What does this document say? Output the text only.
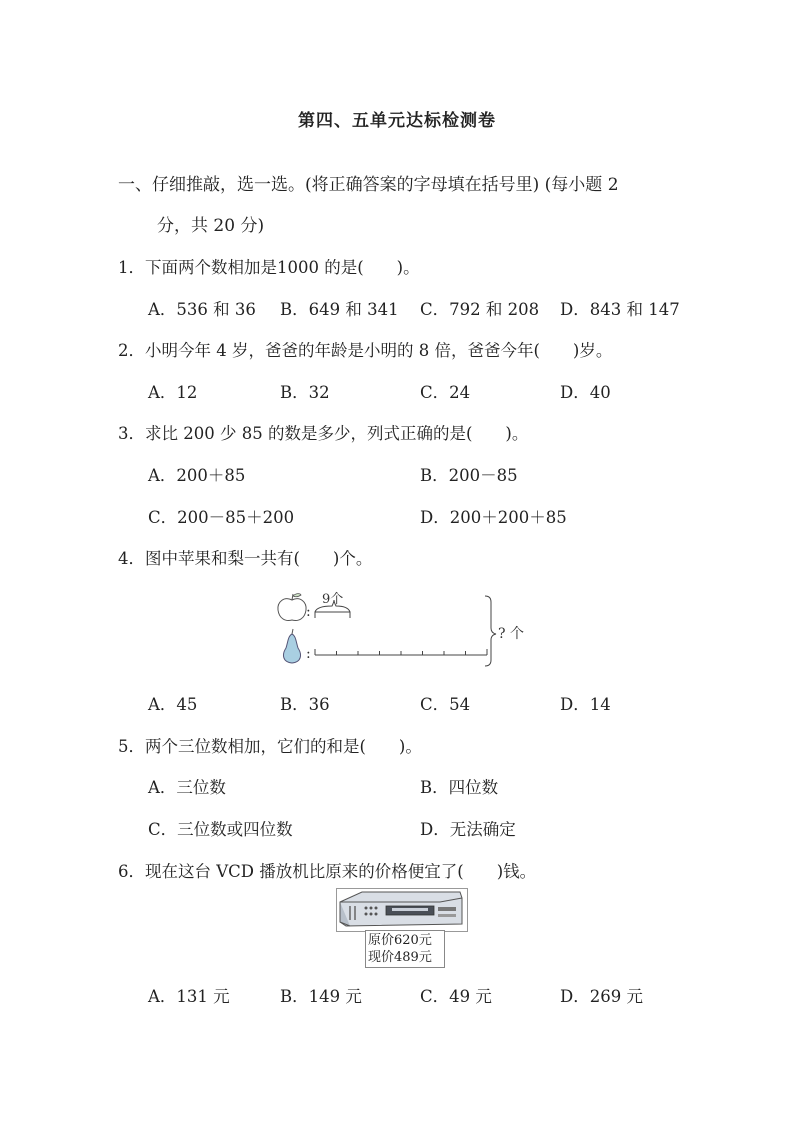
第四、五单元达标检测卷
一、仔细推敲，选一选。(将正确答案的字母填在括号里) (每小题 2
分，共 20 分)
1．下面两个数相加是1000 的是(　　)。
A．536 和 36 B．649 和 341 C．792 和 208 D．843 和 147
2．小明今年 4 岁，爸爸的年龄是小明的 8 倍，爸爸今年(　　)岁。
A．12	B．32	C．24	D．40
3．求比 200 少 85 的数是多少，列式正确的是(　　)。
A．200＋85	B．200－85
C．200－85＋200	D．200＋200＋85
4．图中苹果和梨一共有(　　)个。
:
9个
:
? 个
A．45	B．36	C．54	D．14
5．两个三位数相加，它们的和是(　　)。
A．三位数	B．四位数
C．三位数或四位数	D．无法确定
6．现在这台 VCD 播放机比原来的价格便宜了(　　)钱。
原价620元
现价489元
A．131 元	B．149 元	C．49 元	D．269 元
